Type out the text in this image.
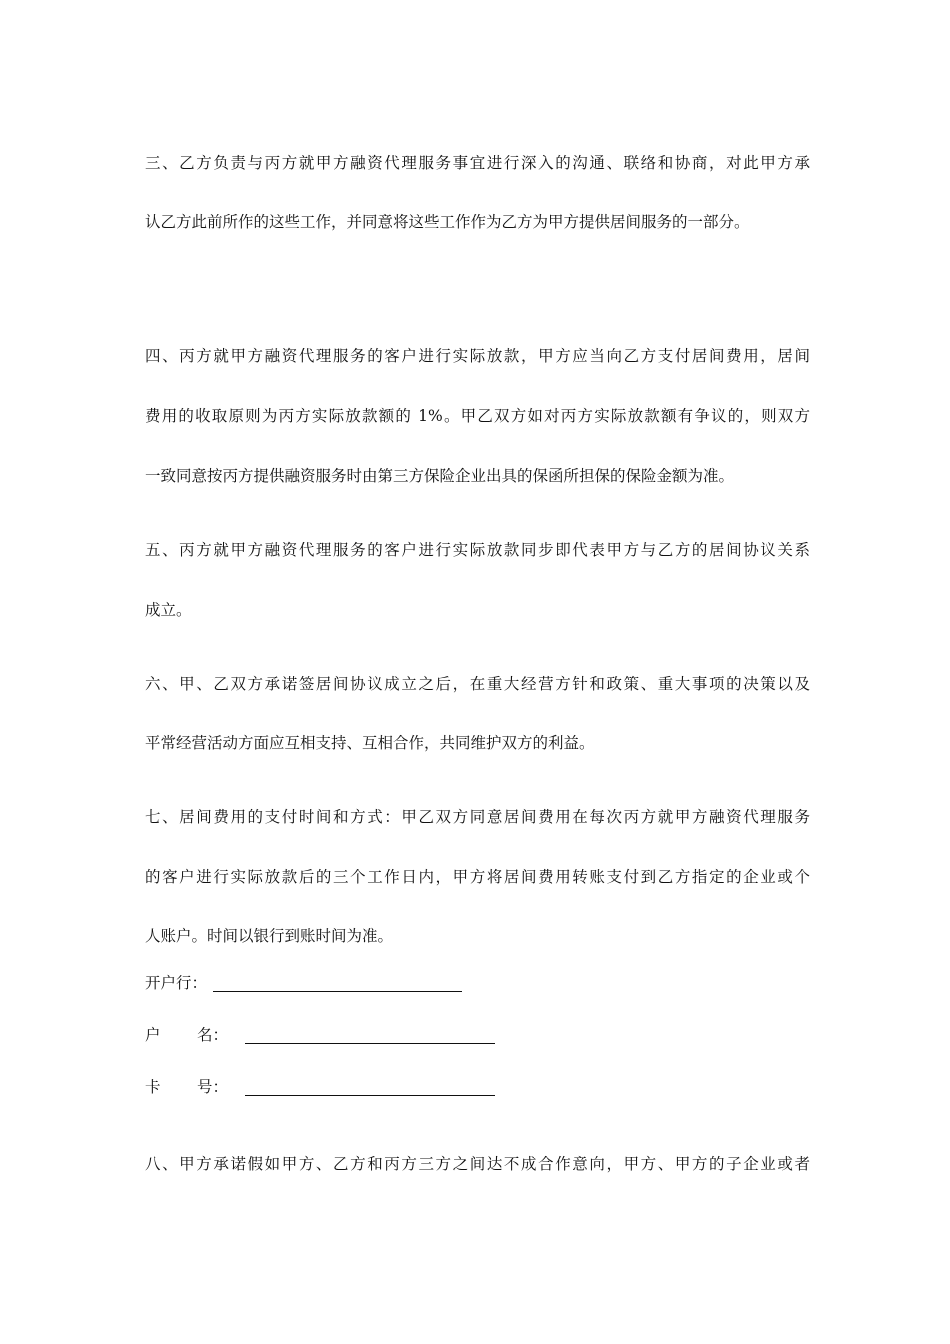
三、乙方负责与丙方就甲方融资代理服务事宜进行深入的沟通、联络和协商，对此甲方承
认乙方此前所作的这些工作，并同意将这些工作作为乙方为甲方提供居间服务的一部分。
四、丙方就甲方融资代理服务的客户进行实际放款，甲方应当向乙方支付居间费用，居间
费用的收取原则为丙方实际放款额的 1%。甲乙双方如对丙方实际放款额有争议的，则双方
一致同意按丙方提供融资服务时由第三方保险企业出具的保函所担保的保险金额为准。
五、丙方就甲方融资代理服务的客户进行实际放款同步即代表甲方与乙方的居间协议关系
成立。
六、甲、乙双方承诺签居间协议成立之后，在重大经营方针和政策、重大事项的决策以及
平常经营活动方面应互相支持、互相合作，共同维护双方的利益。
七、居间费用的支付时间和方式：甲乙双方同意居间费用在每次丙方就甲方融资代理服务
的客户进行实际放款后的三个工作日内，甲方将居间费用转账支付到乙方指定的企业或个
人账户。时间以银行到账时间为准。
开户行：
户 名：
卡 号：
八、甲方承诺假如甲方、乙方和丙方三方之间达不成合作意向，甲方、甲方的子企业或者
